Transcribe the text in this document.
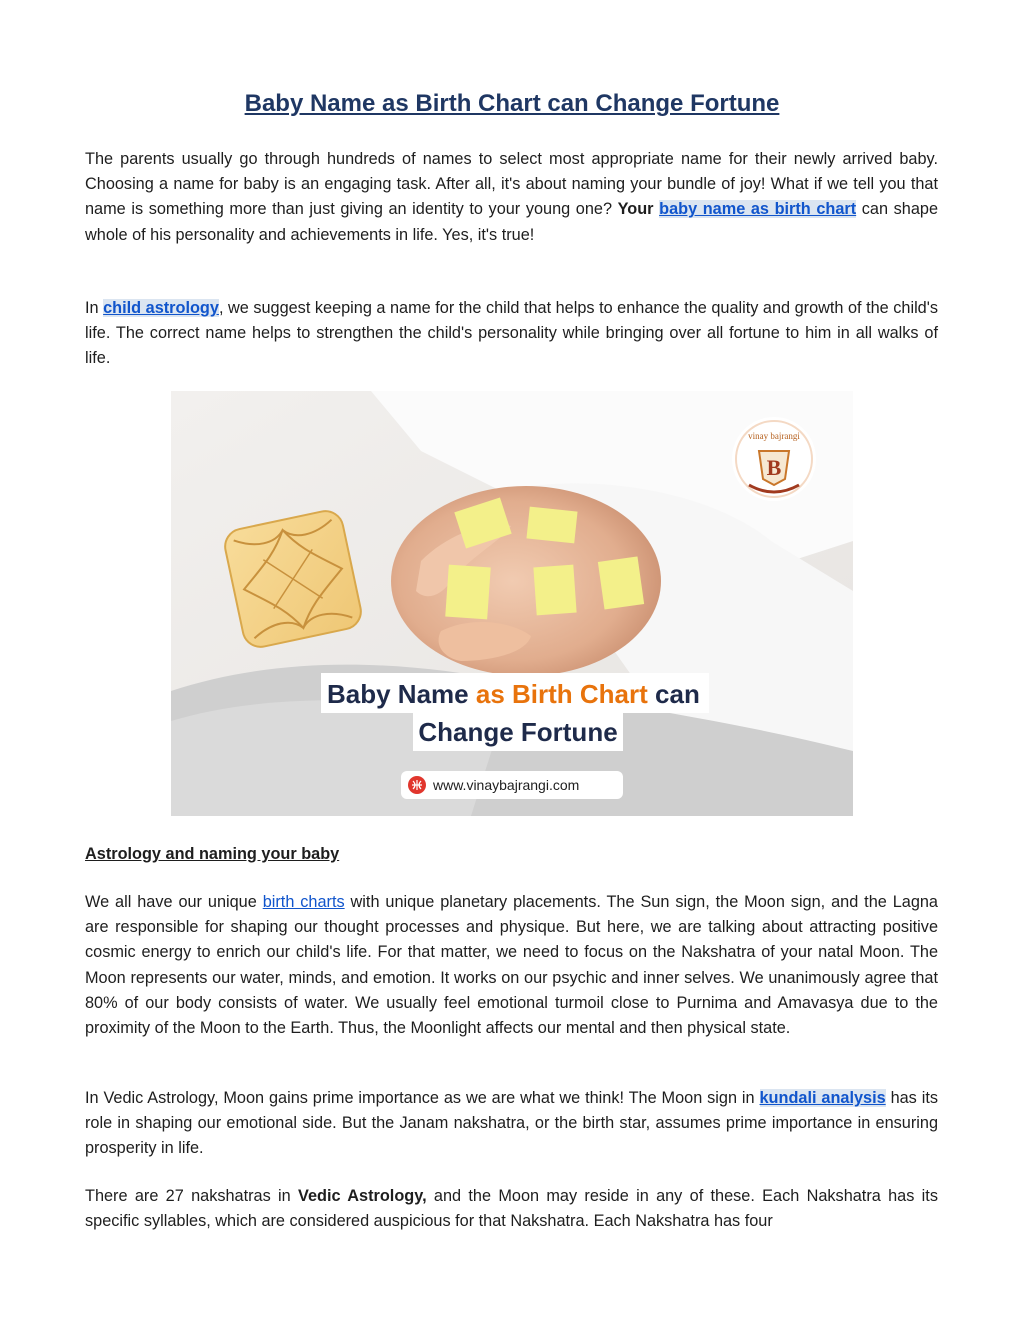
Baby Name as Birth Chart can Change Fortune

The parents usually go through hundreds of names to select most appropriate name for their newly arrived baby. Choosing a name for baby is an engaging task. After all, it's about naming your bundle of joy! What if we tell you that name is something more than just giving an identity to your young one? Your baby name as birth chart can shape whole of his personality and achievements in life. Yes, it's true!

In child astrology, we suggest keeping a name for the child that helps to enhance the quality and growth of the child's life. The correct name helps to strengthen the child's personality while bringing over all fortune to him in all walks of life.

vinay bajrangi
B
Baby Name as Birth Chart can
Change Fortune
www.vinaybajrangi.com
Astrology and naming your baby

We all have our unique birth charts with unique planetary placements. The Sun sign, the Moon sign, and the Lagna are responsible for shaping our thought processes and physique. But here, we are talking about attracting positive cosmic energy to enrich our child's life. For that matter, we need to focus on the Nakshatra of your natal Moon. The Moon represents our water, minds, and emotion. It works on our psychic and inner selves. We unanimously agree that 80% of our body consists of water. We usually feel emotional turmoil close to Purnima and Amavasya due to the proximity of the Moon to the Earth. Thus, the Moonlight affects our mental and then physical state.

In Vedic Astrology, Moon gains prime importance as we are what we think! The Moon sign in kundali analysis has its role in shaping our emotional side. But the Janam nakshatra, or the birth star, assumes prime importance in ensuring prosperity in life.

There are 27 nakshatras in Vedic Astrology, and the Moon may reside in any of these. Each Nakshatra has its specific syllables, which are considered auspicious for that Nakshatra. Each Nakshatra has four
